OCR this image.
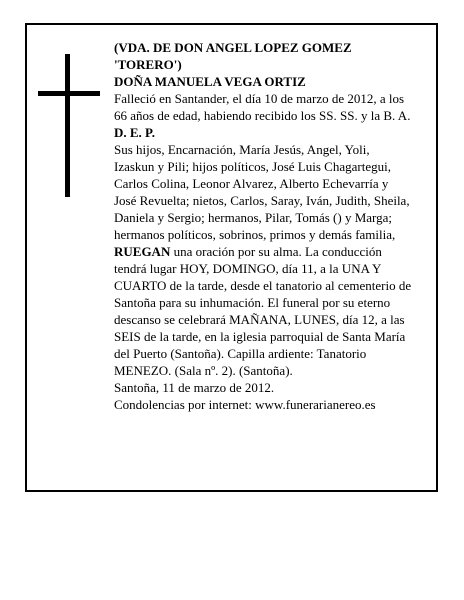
(VDA. DE DON ANGEL LOPEZ GOMEZ 'TORERO')

DOÑA MANUELA VEGA ORTIZ

Falleció en Santander, el día 10 de marzo de 2012, a los 66 años de edad, habiendo recibido los SS. SS. y la B. A.

D. E. P.

Sus hijos, Encarnación, María Jesús, Angel, Yoli, Izaskun y Pili; hijos políticos, José Luis Chagartegui, Carlos Colina, Leonor Alvarez, Alberto Echevarría y José Revuelta; nietos, Carlos, Saray, Iván, Judith, Sheila, Daniela y Sergio; hermanos, Pilar, Tomás () y Marga; hermanos políticos, sobrinos, primos y demás familia,

RUEGAN una oración por su alma. La conducción tendrá lugar HOY, DOMINGO, día 11, a la UNA Y CUARTO de la tarde, desde el tanatorio al cementerio de Santoña para su inhumación. El funeral por su eterno descanso se celebrará MAÑANA, LUNES, día 12, a las SEIS de la tarde, en la iglesia parroquial de Santa María del Puerto (Santoña). Capilla ardiente: Tanatorio MENEZO. (Sala nº. 2). (Santoña).

Santoña, 11 de marzo de 2012.

Condolencias por internet: www.funerarianereo.es
